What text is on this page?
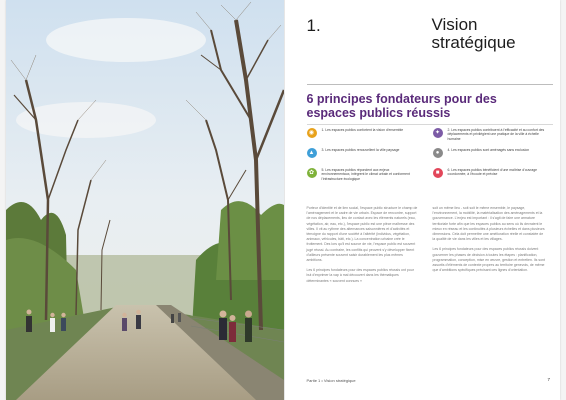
1.	Vision stratégique
6 principes fondateurs pour des espaces publics réussis
◉	1. Les espaces publics confortent la vision d'ensemble	✦	2. Les espaces publics contribuent à l'efficacité et au confort des déplacements et privilégient une pratique de la ville à échelle humaine
▲	3. Les espaces publics renouvellent la ville paysage	●	4. Les espaces publics sont aménagés sans exclusion
✿	5. Les espaces publics répondent aux enjeux environnementaux, intègrent le climat urbain et conforment l'infrastructure écologique
■	6. Les espaces publics bénéficient d'une maîtrise d'ouvrage coordonnée, à l'écoute et précise

Porteur d'identité et de lien social, l'espace public structure le champ de l'aménagement et le cadre de vie urbain. Espace de rencontre, support de nos déplacements, lieu de contact avec les éléments naturels (eau, végétation, air, eau, etc.), l'espace public est une pièce maîtresse des villes. Il vit au rythme des alternances saisonnières et d'activités et témoigne du rapport d'une société à l'altérité (individus, végétation, animaux, véhicules, bâti, etc.). La concentration urbaine crée le frottement. Des lors qu'il est source de vie, l'espace public est souvent jugé réussi. Au contraire, les conflits qui peuvent s'y développer fixent d'ailleurs présente souvent saisir durablement les plus mêmes ambitions.

Les 6 principes fondateurs pour des espaces publics réussis ont pour but d'exprimer la vap à mal découvert dans les thématiques déterminantes « souvent connues »

soit un même lieu - soit soit le même ensemble, le paysage, l'environnement, la mobilité, la matérialisation des aménagements et la gouvernance. L'enjeu est important : il s'agit de faire une armature territoriale forte afin que les espaces publics au sens où ils devraient le mieux en réseau et les continuités à plusieurs échelles et dans plusieurs dimensions. Cela doit permettre une amélioration réelle et constatée de la qualité de vie dans les villes et les villages.

Les 6 principes fondateurs pour des espaces publics réussis doivent gouverner les phases de décision à toutes les étapes : planification, programmation, conception, mise en œuvre, gestion et entretien. Ils sont assortis d'éléments de contexte propres au territoire genevois, de même que d'ambitions spécifiques précisant ces lignes d'orientation.

Partie 1 • Vision stratégique	7
